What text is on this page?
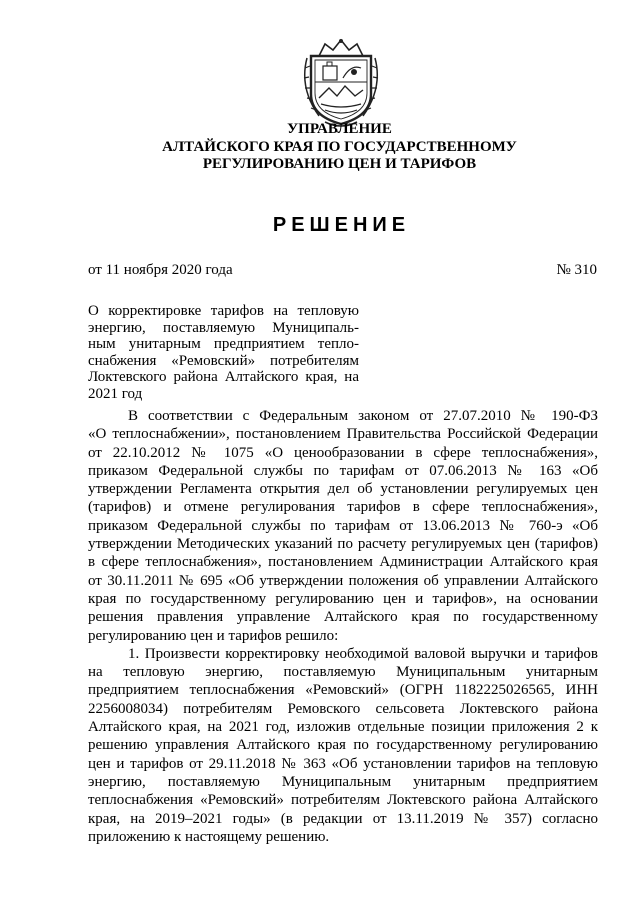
УПРАВЛЕНИЕ
АЛТАЙСКОГО КРАЯ ПО ГОСУДАРСТВЕННОМУ
РЕГУЛИРОВАНИЮ ЦЕН И ТАРИФОВ
РЕШЕНИЕ
от 11 ноября 2020 года	№ 310
О корректировке тарифов на тепловую
энергию, поставляемую Муниципаль-
ным унитарным предприятием тепло-
снабжения «Ремовский» потребителям
Локтевского района Алтайского края, на
2021 год
В соответствии с Федеральным законом от 27.07.2010 № 190-ФЗ
«О теплоснабжении», постановлением Правительства Российской Федерации
от 22.10.2012 № 1075 «О ценообразовании в сфере теплоснабжения»,
приказом Федеральной службы по тарифам от 07.06.2013 № 163 «Об
утверждении Регламента открытия дел об установлении регулируемых цен
(тарифов) и отмене регулирования тарифов в сфере теплоснабжения»,
приказом Федеральной службы по тарифам от 13.06.2013 № 760-э «Об
утверждении Методических указаний по расчету регулируемых цен (тарифов)
в сфере теплоснабжения», постановлением Администрации Алтайского края
от 30.11.2011 № 695 «Об утверждении положения об управлении Алтайского
края по государственному регулированию цен и тарифов», на основании
решения правления управление Алтайского края по государственному
регулированию цен и тарифов решило:
1. Произвести корректировку необходимой валовой выручки и тарифов
на тепловую энергию, поставляемую Муниципальным унитарным
предприятием теплоснабжения «Ремовский» (ОГРН 1182225026565, ИНН
2256008034) потребителям Ремовского сельсовета Локтевского района
Алтайского края, на 2021 год, изложив отдельные позиции приложения 2 к
решению управления Алтайского края по государственному регулированию
цен и тарифов от 29.11.2018 № 363 «Об установлении тарифов на тепловую
энергию, поставляемую Муниципальным унитарным предприятием
теплоснабжения «Ремовский» потребителям Локтевского района Алтайского
края, на 2019–2021 годы» (в редакции от 13.11.2019 № 357) согласно
приложению к настоящему решению.
